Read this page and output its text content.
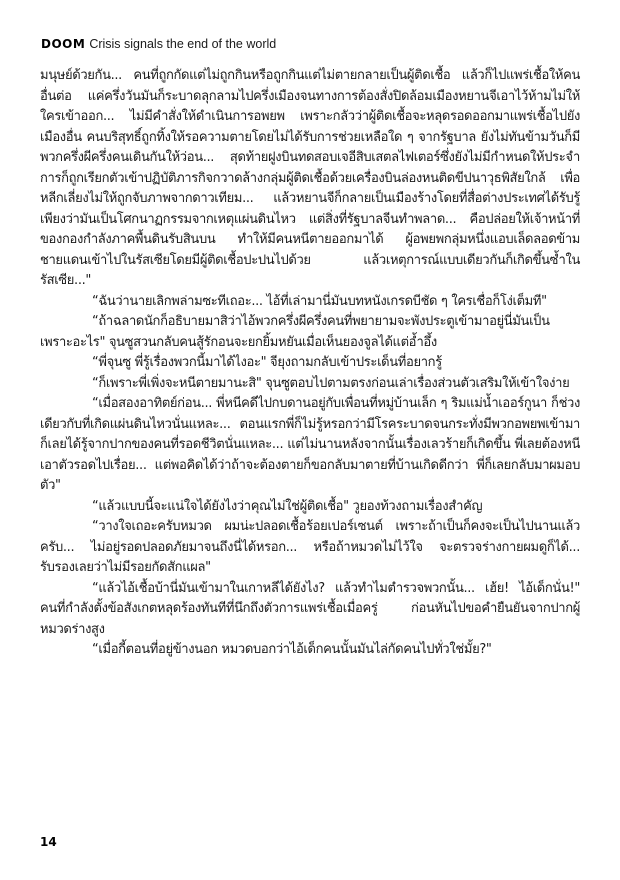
DOOM Crisis signals the end of the world

มนุษย์ด้วยกัน... คนที่ถูกกัดแต่ไม่ถูกกินหรือถูกกินแต่ไม่ตายกลายเป็นผู้ติดเชื้อ แล้วก็ไปแพร่เชื้อให้คนอื่นต่อ แค่ครึ่งวันมันก็ระบาดลุกลามไปครึ่งเมืองจนทางการต้องสั่งปิดล้อมเมืองหยานจีเอาไว้ห้ามไม่ให้ใครเข้าออก... ไม่มีคำสั่งให้ดำเนินการอพยพ เพราะกลัวว่าผู้ติดเชื้อจะหลุดรอดออกมาแพร่เชื้อไปยังเมืองอื่น คนบริสุทธิ์ถูกทิ้งให้รอความตายโดยไม่ได้รับการช่วยเหลือใด ๆ จากรัฐบาล ยังไม่ทันข้ามวันก็มีพวกครึ่งผีครึ่งคนเดินกันให้ว่อน... สุดท้ายฝูงบินทดสอบเจอีสิบเสตลไฟเตอร์ซึ่งยังไม่มีกำหนดให้ประจำการก็ถูกเรียกตัวเข้าปฏิบัติภารกิจกวาดล้างกลุ่มผู้ติดเชื้อด้วยเครื่องบินล่องหนติดขีปนาวุธพิสัยใกล้ เพื่อหลีกเลี่ยงไม่ให้ถูกจับภาพจากดาวเทียม... แล้วหยานจีก็กลายเป็นเมืองร้างโดยที่สื่อต่างประเทศได้รับรู้เพียงว่ามันเป็นโศกนาฏกรรมจากเหตุแผ่นดินไหว แต่สิ่งที่รัฐบาลจีนทำพลาด... คือปล่อยให้เจ้าหน้าที่ของกองกำลังภาคพื้นดินรับสินบน ทำให้มีคนหนีตายออกมาได้ ผู้อพยพกลุ่มหนึ่งแอบเล็ดลอดข้ามชายแดนเข้าไปในรัสเซียโดยมีผู้ติดเชื้อปะปนไปด้วย แล้วเหตุการณ์แบบเดียวกันก็เกิดขึ้นซ้ำในรัสเซีย..."

“ฉันว่านายเลิกพล่ามซะทีเถอะ... ไอ้ที่เล่ามานี่มันบทหนังเกรดบีชัด ๆ ใครเชื่อก็โง่เต็มที"

“ถ้าฉลาดนักก็อธิบายมาสิว่าไอ้พวกครึ่งผีครึ่งคนที่พยายามจะพังประตูเข้ามาอยู่นี่มันเป็นเพราะอะไร" จุนซูสวนกลับคนสู้รักอนจะยกยิ้มหยันเมื่อเห็นยองจูลได้แต่อ้ำอึ้ง

“พี่จุนซู พี่รู้เรื่องพวกนี้มาได้ไงอะ" จียุงถามกลับเข้าประเด็นที่อยากรู้

“ก็เพราะพี่เพิ่งจะหนีตายมานะสิ" จุนซูตอบไปตามตรงก่อนเล่าเรื่องส่วนตัวเสริมให้เข้าใจง่าย

“เมื่อสองอาทิตย์ก่อน... พี่หนีคดีไปกบดานอยู่กับเพื่อนที่หมู่บ้านเล็ก ๆ ริมแม่น้ำเออร์กูนา ก็ช่วงเดียวกับที่เกิดแผ่นดินไหวนั่นแหละ... ตอนแรกพี่ก็ไม่รู้หรอกว่ามีโรคระบาดจนกระทั่งมีพวกอพยพเข้ามา ก็เลยได้รู้จากปากของคนที่รอดชีวิตนั่นแหละ... แต่ไม่นานหลังจากนั้นเรื่องเลวร้ายก็เกิดขึ้น พี่เลยต้องหนีเอาตัวรอดไปเรื่อย... แต่พอคิดได้ว่าถ้าจะต้องตายก็ขอกลับมาตายที่บ้านเกิดดีกว่า พี่ก็เลยกลับมาผมอบตัว"

“แล้วแบบนี้จะแน่ใจได้ยังไงว่าคุณไม่ใช่ผู้ติดเชื้อ" วูยองท้วงถามเรื่องสำคัญ

“วางใจเถอะครับหมวด ผมน่ะปลอดเชื้อร้อยเปอร์เซนต์ เพราะถ้าเป็นก็คงจะเป็นไปนานแล้วครับ... ไม่อยู่รอดปลอดภัยมาจนถึงนี่ได้หรอก... หรือถ้าหมวดไม่ไว้ใจ จะตรวจร่างกายผมดูก็ได้... รับรองเลยว่าไม่มีรอยกัดสักแผล"

“แล้วไอ้เชื้อบ้านี่มันเข้ามาในเกาหลีได้ยังไง? แล้วทำไมตำรวจพวกนั้น... เฮ้ย! ไอ้เด็กนั่น!" คนที่กำลังตั้งข้อสังเกตหลุดร้องทันทีที่นึกถึงตัวการแพร่เชื้อเมื่อครู่ ก่อนหันไปขอคำยืนยันจากปากผู้หมวดร่างสูง

“เมื่อกี้ตอนที่อยู่ข้างนอก หมวดบอกว่าไอ้เด็กคนนั้นมันไล่กัดคนไปทั่วใช่มั้ย?"

14
